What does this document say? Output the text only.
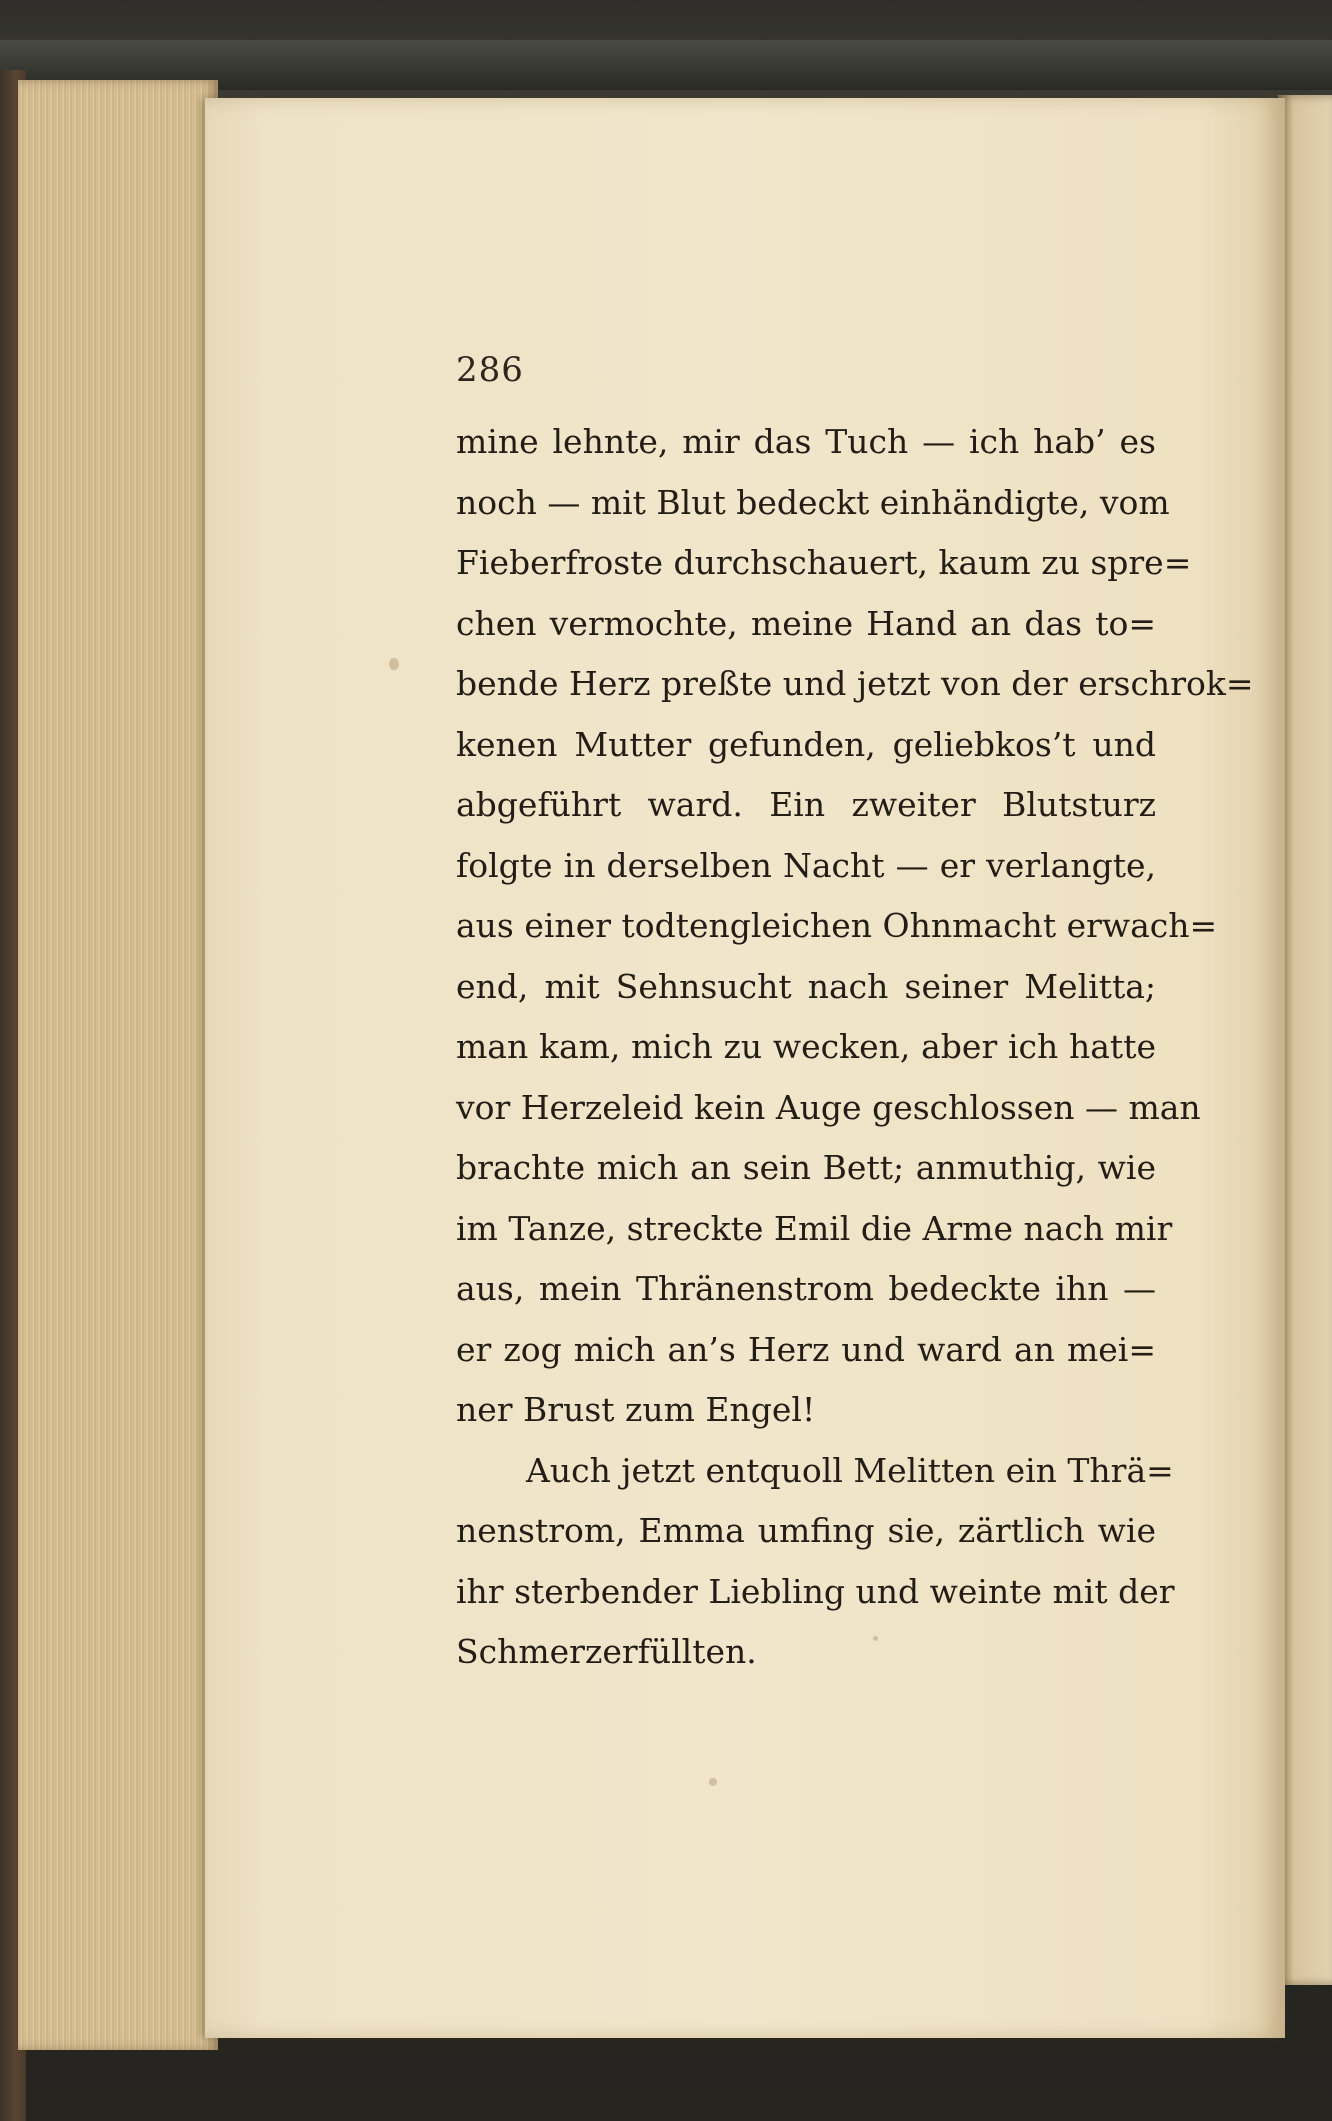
286

mine lehnte, mir das Tuch — ich hab’ es
noch — mit Blut bedeckt einhändigte, vom
Fieberfroste durchschauert, kaum zu spre=
chen vermochte, meine Hand an das to=
bende Herz preßte und jetzt von der erschrok=
kenen Mutter gefunden, geliebkos’t und
abgeführt ward. Ein zweiter Blutsturz
folgte in derselben Nacht — er verlangte,
aus einer todtengleichen Ohnmacht erwach=
end, mit Sehnsucht nach seiner Melitta;
man kam, mich zu wecken, aber ich hatte
vor Herzeleid kein Auge geschlossen — man
brachte mich an sein Bett; anmuthig, wie
im Tanze, streckte Emil die Arme nach mir
aus, mein Thränenstrom bedeckte ihn —
er zog mich an’s Herz und ward an mei=
ner Brust zum Engel!
Auch jetzt entquoll Melitten ein Thrä=
nenstrom, Emma umfing sie, zärtlich wie
ihr sterbender Liebling und weinte mit der
Schmerzerfüllten.
